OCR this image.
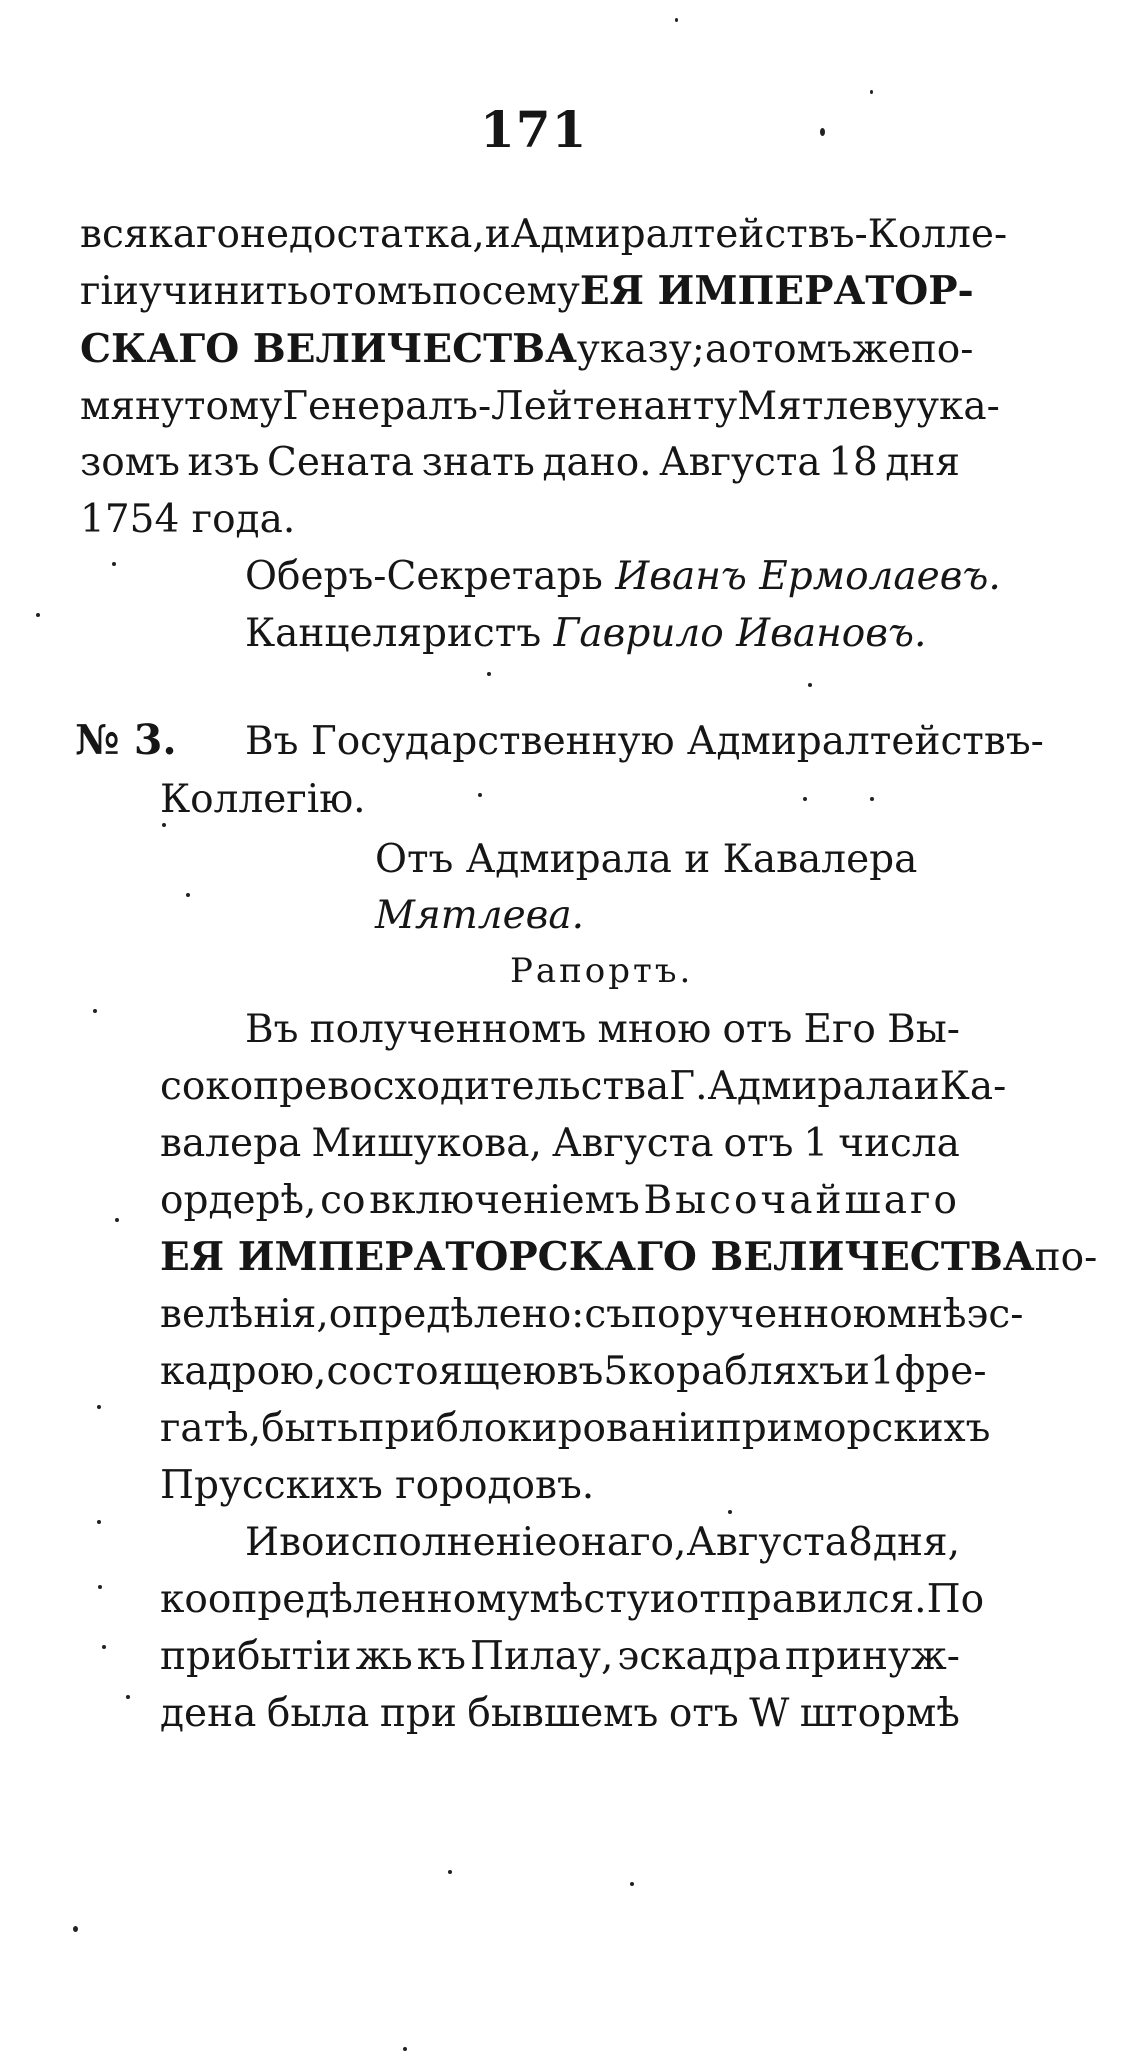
171
всякаго недостатка, и Адмиралтействъ-Колле-
гіи учинить о томъ по сему ЕЯ ИМПЕРАТОР-
СКАГО ВЕЛИЧЕСТВА указу; а о томъже по-
мянутому Генералъ-Лейтенанту Мятлеву ука-
зомъ изъ Сената знать дано. Августа 18 дня
1754 года.
Оберъ-Секретарь Иванъ Ермолаевъ.
Канцеляристъ Гаврило Ивановъ.
№ 3. Въ Государственную Адмиралтействъ-
Коллегію.
Отъ Адмирала и Кавалера
Мятлева.
Рапортъ.
Въ полученномъ мною отъ Его Вы-
сокопревосходительства Г. Адмирала и Ка-
валера Мишукова, Августа отъ 1 числа
ордерѣ, со включеніемъ Высочайшаго
ЕЯ ИМПЕРАТОРСКАГО ВЕЛИЧЕСТВА по-
велѣнія, опредѣлено: съ порученною мнѣ эс-
кадрою, состоящею въ 5 корабляхъ и 1 фре-
гатѣ, быть при блокированіи приморскихъ
Прусскихъ городовъ.
И во исполненіе онаго, Августа 8 дня,
ко опредѣленному мѣсту и отправился. По
прибытіи жь къ Пилау, эскадра принуж-
дена была при бывшемъ отъ W штормѣ
